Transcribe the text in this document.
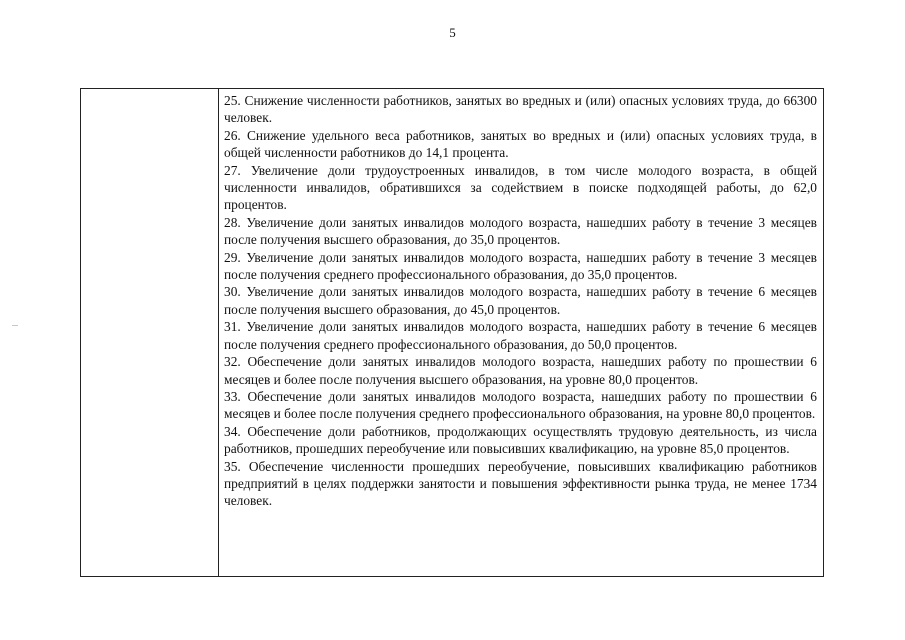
5

25. Снижение численности работников, занятых во вредных и (или) опасных условиях труда, до 66300 человек.

26. Снижение удельного веса работников, занятых во вредных и (или) опасных условиях труда, в общей численности работников до 14,1 процента.

27. Увеличение доли трудоустроенных инвалидов, в том числе молодого возраста, в общей численности инвалидов, обратившихся за содействием в поиске подходящей работы, до 62,0 процентов.

28. Увеличение доли занятых инвалидов молодого возраста, нашедших работу в течение 3 месяцев после получения высшего образования, до 35,0 процентов.

29. Увеличение доли занятых инвалидов молодого возраста, нашедших работу в течение 3 месяцев после получения среднего профессионального образования, до 35,0 процентов.

30. Увеличение доли занятых инвалидов молодого возраста, нашедших работу в течение 6 месяцев после получения высшего образования, до 45,0 процентов.

31. Увеличение доли занятых инвалидов молодого возраста, нашедших работу в течение 6 месяцев после получения среднего профессионального образования, до 50,0 процентов.

32. Обеспечение доли занятых инвалидов молодого возраста, нашедших работу по прошествии 6 месяцев и более после получения высшего образования, на уровне 80,0 процентов.

33. Обеспечение доли занятых инвалидов молодого возраста, нашедших работу по прошествии 6 месяцев и более после получения среднего профессионального образования, на уровне 80,0 процентов.

34. Обеспечение доли работников, продолжающих осуществлять трудовую деятельность, из числа работников, прошедших переобучение или повысивших квалификацию, на уровне 85,0 процентов.

35. Обеспечение численности прошедших переобучение, повысивших квалификацию работников предприятий в целях поддержки занятости и повышения эффективности рынка труда, не менее 1734 человек.
